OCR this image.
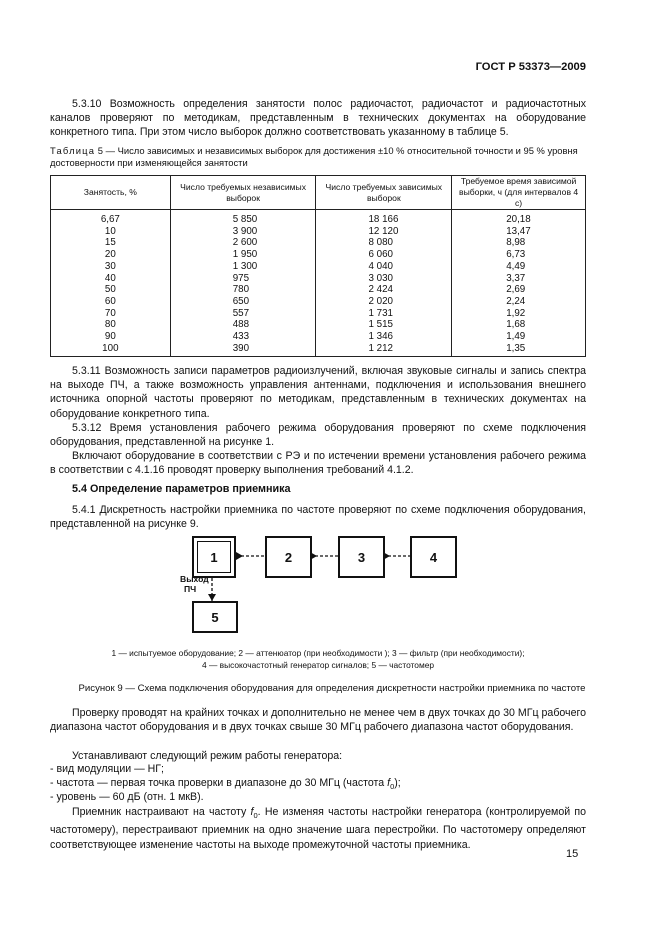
ГОСТ Р 53373—2009
5.3.10 Возможность определения занятости полос радиочастот, радиочастот и радиочастотных каналов проверяют по методикам, представленным в технических документах на оборудование конкретного типа. При этом число выборок должно соответствовать указанному в таблице 5.
Таблица 5 — Число зависимых и независимых выборок для достижения ±10 % относительной точности и 95 % уровня достоверности при изменяющейся занятости
Занятость, %	Число требуемых независимых выборок	Число требуемых зависимых выборок	Требуемое время зависимой выборки, ч (для интервалов 4 с)
6,67	5 850	18 166	20,18
10	3 900	12 120	13,47
15	2 600	8 080	8,98
20	1 950	6 060	6,73
30	1 300	4 040	4,49
40	975	3 030	3,37
50	780	2 424	2,69
60	650	2 020	2,24
70	557	1 731	1,92
80	488	1 515	1,68
90	433	1 346	1,49
100	390	1 212	1,35
5.3.11 Возможность записи параметров радиоизлучений, включая звуковые сигналы и запись спектра на выходе ПЧ, а также возможность управления антеннами, подключения и использования внешнего источника опорной частоты проверяют по методикам, представленным в технических документах на оборудование конкретного типа.
5.3.12 Время установления рабочего режима оборудования проверяют по схеме подключения оборудования, представленной на рисунке 1.
Включают оборудование в соответствии с РЭ и по истечении времени установления рабочего режима в соответствии с 4.1.16 проводят проверку выполнения требований 4.1.2.
5.4 Определение параметров приемника
5.4.1 Дискретность настройки приемника по частоте проверяют по схеме подключения оборудования, представленной на рисунке 9.
1	2	3	4
5
Выход
ПЧ
1 — испытуемое оборудование; 2 — аттенюатор (при необходимости ); 3 — фильтр (при необходимости);
4 — высокочастотный генератор сигналов; 5 — частотомер
Рисунок 9 — Схема подключения оборудования для определения дискретности настройки приемника по частоте
Проверку проводят на крайних точках и дополнительно не менее чем в двух точках до 30 МГц рабочего диапазона частот оборудования и в двух точках свыше 30 МГц рабочего диапазона частот оборудования.
Устанавливают следующий режим работы генератора:
- вид модуляции — НГ;
- частота — первая точка проверки в диапазоне до 30 МГц (частота $f_0$);
- уровень — 60 дБ (отн. 1 мкВ).
Приемник настраивают на частоту $f_0$. Не изменяя частоты настройки генератора (контролируемой по частотомеру), перестраивают приемник на одно значение шага перестройки. По частотомеру определяют соответствующее изменение частоты на выходе промежуточной частоты приемника.
15
